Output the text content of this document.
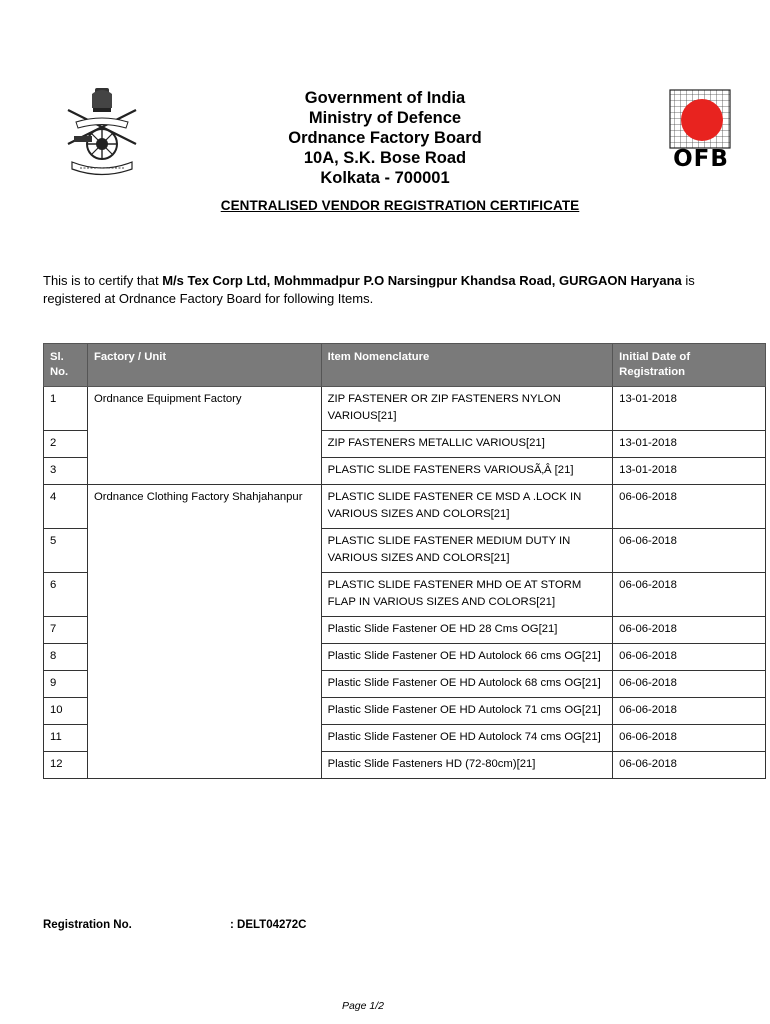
Government of India
Ministry of Defence
Ordnance Factory Board
10A, S.K. Bose Road
Kolkata - 700001
OFB
CENTRALISED VENDOR REGISTRATION CERTIFICATE
This is to certify that M/s Tex Corp Ltd, Mohmmadpur P.O Narsingpur Khandsa Road, GURGAON Haryana is registered at Ordnance Factory Board for following Items.
Sl. No.	Factory / Unit	Item Nomenclature	Initial Date of Registration
1	Ordnance Equipment Factory	ZIP FASTENER OR ZIP FASTENERS NYLON VARIOUS[21]	13-01-2018
2		ZIP FASTENERS METALLIC VARIOUS[21]	13-01-2018
3		PLASTIC SLIDE FASTENERS VARIOUSÃ‚Â [21]	13-01-2018
4	Ordnance Clothing Factory Shahjahanpur	PLASTIC SLIDE FASTENER CE MSD A .LOCK IN VARIOUS SIZES AND COLORS[21]	06-06-2018
5		PLASTIC SLIDE FASTENER MEDIUM DUTY IN VARIOUS SIZES AND COLORS[21]	06-06-2018
6		PLASTIC SLIDE FASTENER MHD OE AT STORM FLAP IN VARIOUS SIZES AND COLORS[21]	06-06-2018
7		Plastic Slide Fastener OE HD 28 Cms OG[21]	06-06-2018
8		Plastic Slide Fastener OE HD Autolock 66 cms OG[21]	06-06-2018
9		Plastic Slide Fastener OE HD Autolock 68 cms OG[21]	06-06-2018
10		Plastic Slide Fastener OE HD Autolock 71 cms OG[21]	06-06-2018
11		Plastic Slide Fastener OE HD Autolock 74 cms OG[21]	06-06-2018
12		Plastic Slide Fasteners HD (72-80cm)[21]	06-06-2018
Registration No.	: DELT04272C
Page 1/2
